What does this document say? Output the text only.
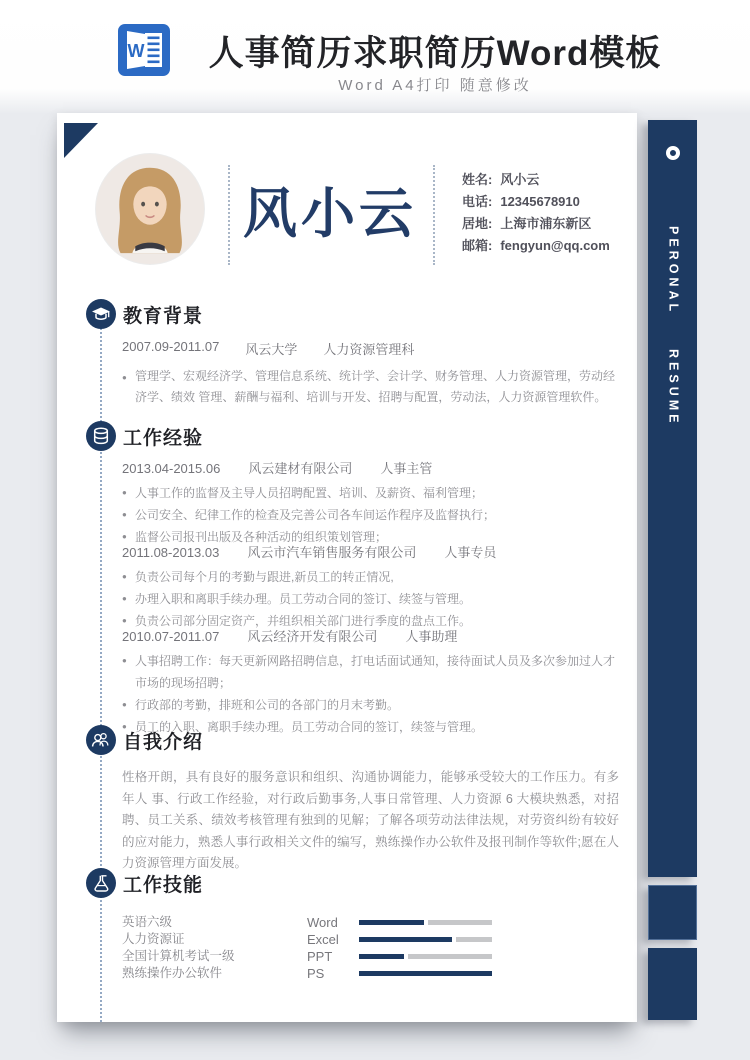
W 人事简历求职简历Word模板
Word A4打印 随意修改
风小云
姓名: 风小云
电话: 12345678910
居地: 上海市浦东新区
邮箱: fengyun@qq.com
教育背景
2007.09-2011.07 风云大学 人力资源管理科
● 管理学、宏观经济学、管理信息系统、统计学、会计学、财务管理、人力资源管理，劳动经济学、绩效 管理、薪酬与福利、培训与开发、招聘与配置，劳动法，人力资源管理软件。
工作经验
2013.04-2015.06 风云建材有限公司 人事主管
● 人事工作的监督及主导人员招聘配置、培训、及薪资、福利管理；
● 公司安全、纪律工作的检查及完善公司各车间运作程序及监督执行；
● 监督公司报刊出版及各种活动的组织策划管理；
2011.08-2013.03 风云市汽车销售服务有限公司 人事专员
● 负责公司每个月的考勤与跟进,新员工的转正情况,
● 办理入职和离职手续办理。员工劳动合同的签订、续签与管理。
● 负责公司部分固定资产，并组织相关部门进行季度的盘点工作。
2010.07-2011.07 风云经济开发有限公司 人事助理
● 人事招聘工作：每天更新网路招聘信息，打电话面试通知，接待面试人员及多次参加过人才市场的现场招聘；
● 行政部的考勤，排班和公司的各部门的月末考勤。
● 员工的入职、离职手续办理。员工劳动合同的签订，续签与管理。
自我介绍
性格开朗，具有良好的服务意识和组织、沟通协调能力，能够承受较大的工作压力。有多年人 事、行政工作经验，对行政后勤事务,人事日常管理、人力资源 6 大模块熟悉，对招聘、员工关系、绩效考核管理有独到的见解；了解各项劳动法律法规，对劳资纠纷有较好的应对能力，熟悉人事行政相关文件的编写，熟练操作办公软件及报刊制作等软件;愿在人力资源管理方面发展。
工作技能
英语六级
人力资源证
全国计算机考试一级
熟练操作办公软件
Word
Excel
PPT
PS
PERONAL RESUME
